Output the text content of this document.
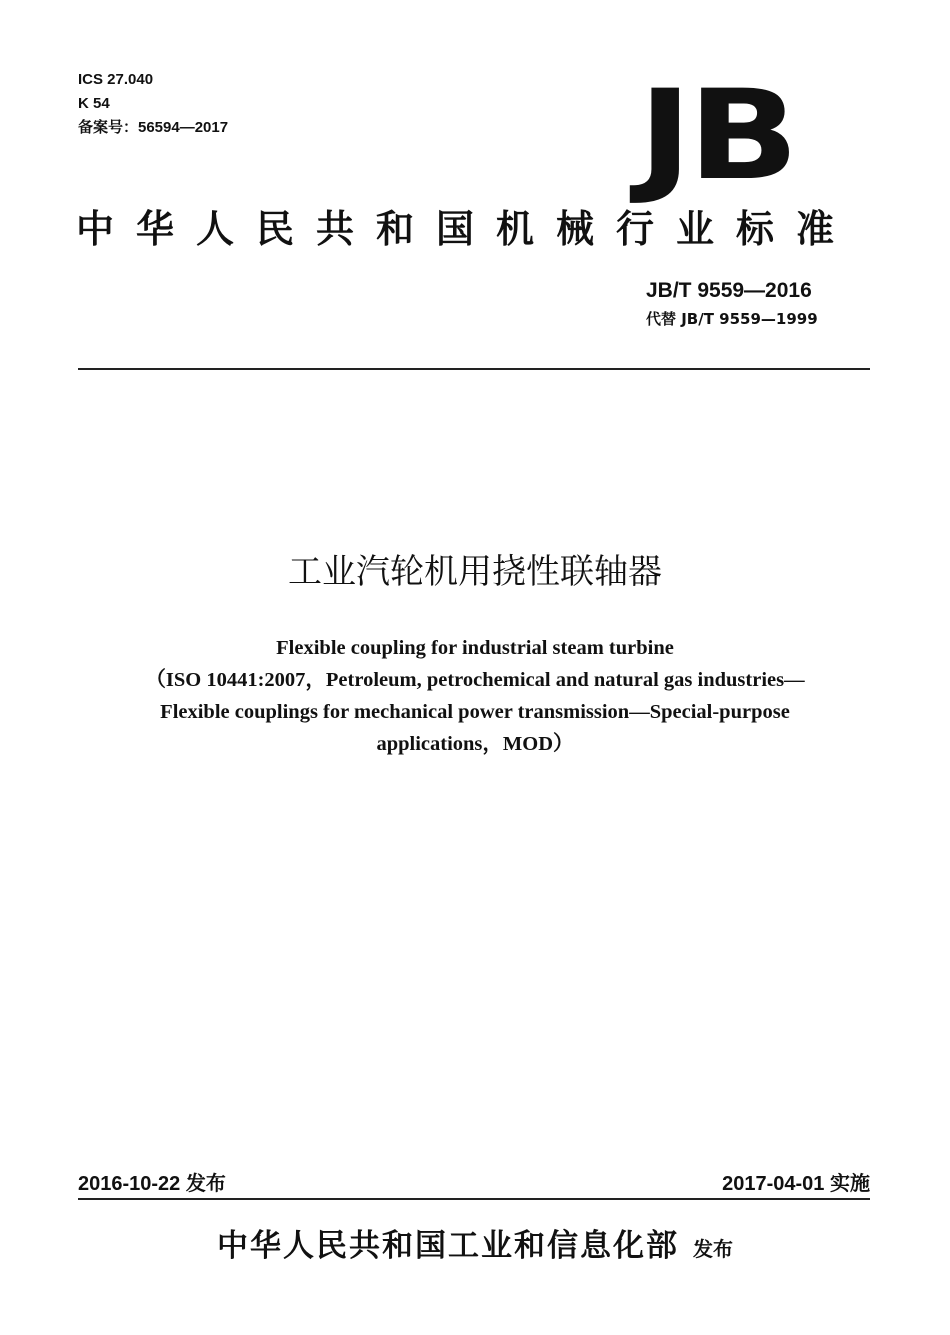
ICS 27.040
K 54
备案号：56594—2017	JB
中华人民共和国机械行业标准
JB/T 9559—2016
代替 JB/T 9559—1999
工业汽轮机用挠性联轴器
Flexible coupling for industrial steam turbine
（ISO 10441:2007，Petroleum, petrochemical and natural gas industries—
Flexible couplings for mechanical power transmission—Special-purpose
applications，MOD）
2016-10-22 发布	2017-04-01 实施
中华人民共和国工业和信息化部 发布
